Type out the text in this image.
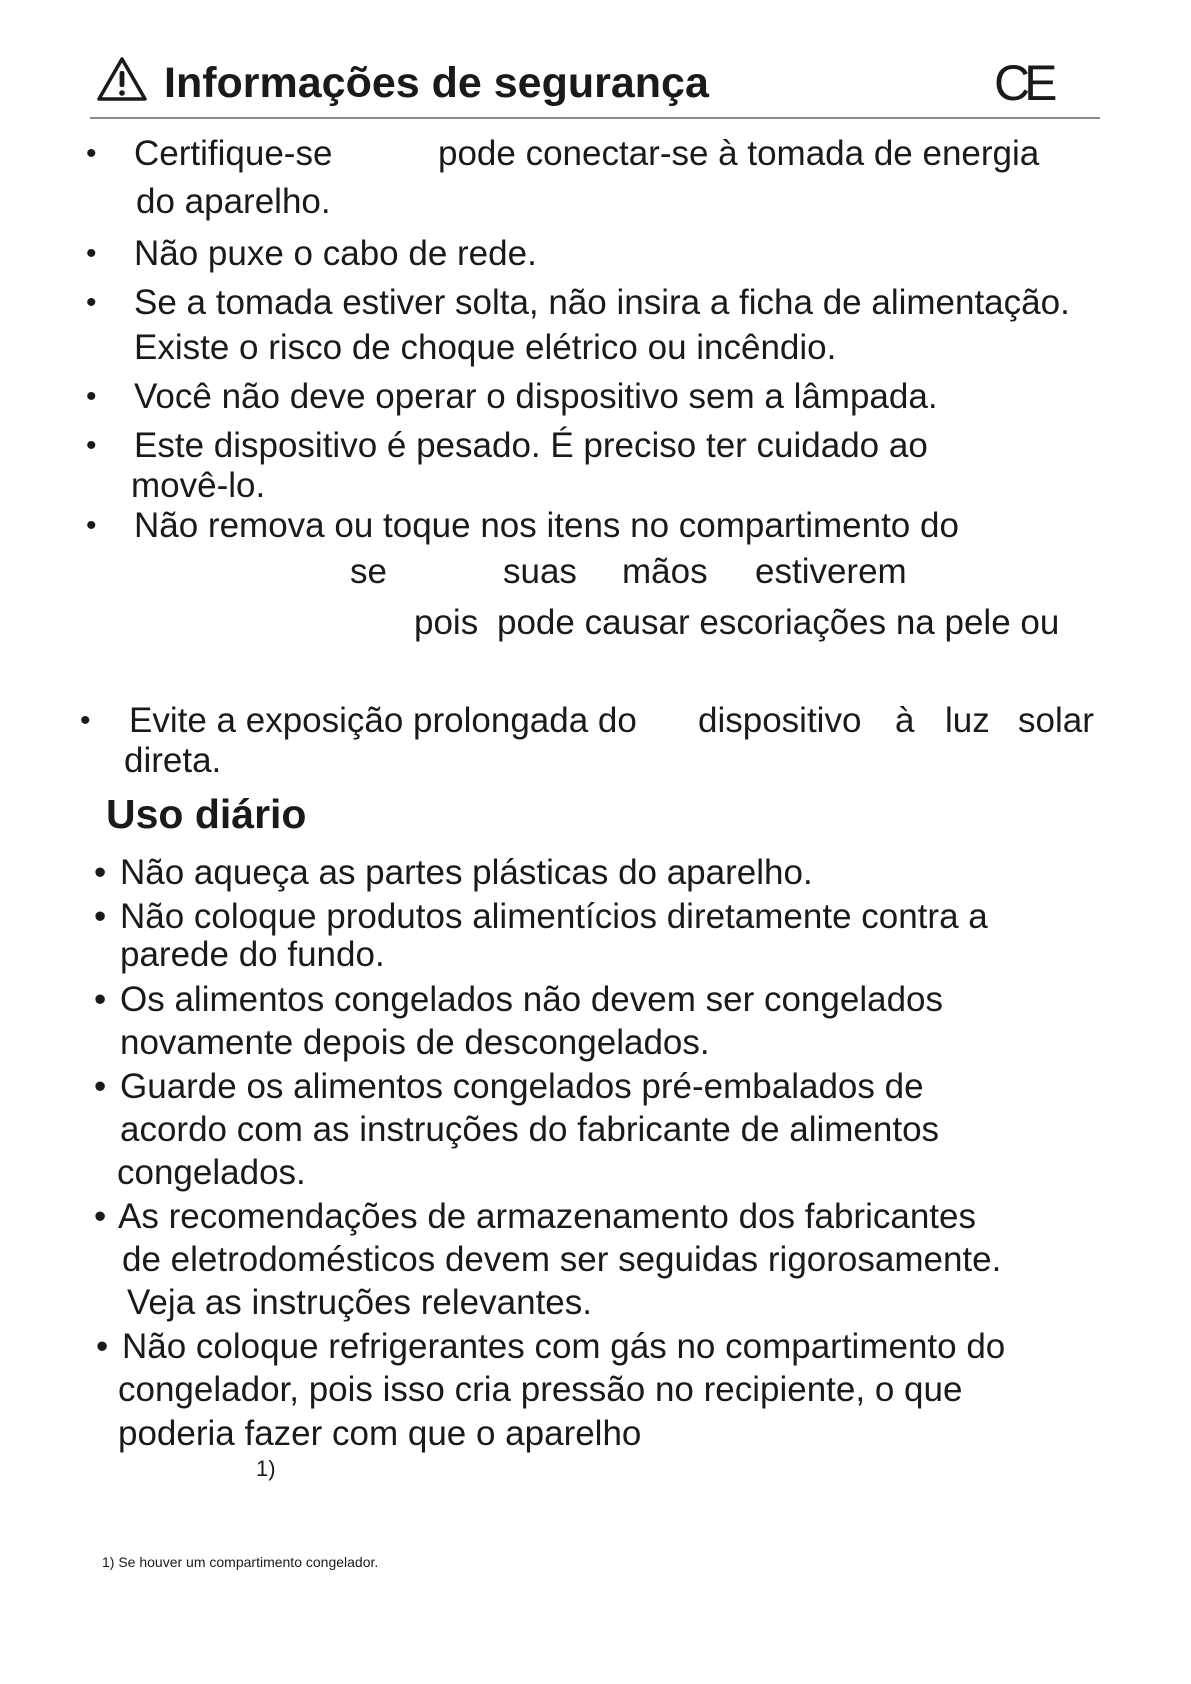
Informações de segurança	CE
• Certifique-se	pode conectar-se à tomada de energia
do aparelho.
• Não puxe o cabo de rede.
• Se a tomada estiver solta, não insira a ficha de alimentação.
Existe o risco de choque elétrico ou incêndio.
• Você não deve operar o dispositivo sem a lâmpada.
• Este dispositivo é pesado. É preciso ter cuidado ao
movê-lo.
• Não remova ou toque nos itens no compartimento do
se	suas mãos estiverem
pois pode causar escoriações na pele ou
• Evite a exposição prolongada do dispositivo à luz solar
direta.
Uso diário
• Não aqueça as partes plásticas do aparelho.
• Não coloque produtos alimentícios diretamente contra a
parede do fundo.
• Os alimentos congelados não devem ser congelados
novamente depois de descongelados.
• Guarde os alimentos congelados pré-embalados de
acordo com as instruções do fabricante de alimentos
congelados.
• As recomendações de armazenamento dos fabricantes
de eletrodomésticos devem ser seguidas rigorosamente.
Veja as instruções relevantes.
• Não coloque refrigerantes com gás no compartimento do
congelador, pois isso cria pressão no recipiente, o que
poderia fazer com que o aparelho
1)
1) Se houver um compartimento congelador.
